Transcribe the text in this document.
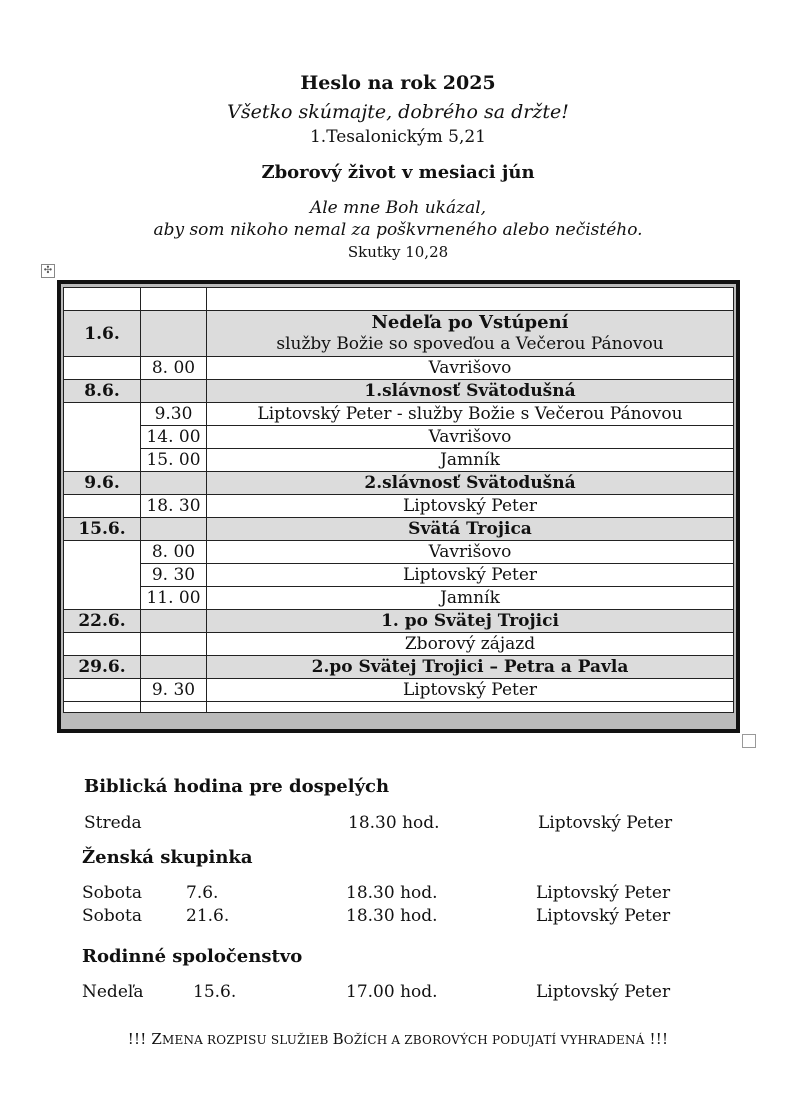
Heslo na rok 2025
Všetko skúmajte, dobrého sa držte!
1.Tesalonickým 5,21
Zborový život v mesiaci jún
Ale mne Boh ukázal,
aby som nikoho nemal za poškvrneného alebo nečistého.
Skutky 10,28
✣

1.6.		Nedeľa po Vstúpení
služby Božie so spoveďou a Večerou Pánovou

	8. 00	Vavrišovo
8.6.		1.slávnosť Svätodušná
	9.30	Liptovský Peter - služby Božie s Večerou Pánovou
	14. 00	Vavrišovo
	15. 00	Jamník
9.6.		2.slávnosť Svätodušná
	18. 30	Liptovský Peter
15.6.		Svätá Trojica
	8. 00	Vavrišovo
	9. 30	Liptovský Peter
	11. 00	Jamník
22.6.		1. po Svätej Trojici
		Zborový zájazd
29.6.		2.po Svätej Trojici – Petra a Pavla
	9. 30	Liptovský Peter

Biblická hodina pre dospelých
Streda	18.30 hod.	Liptovský Peter
Ženská skupinka
Sobota	7.6.	18.30 hod.	Liptovský Peter
Sobota	21.6.	18.30 hod.	Liptovský Peter
Rodinné spoločenstvo
Nedeľa	15.6.	17.00 hod.	Liptovský Peter
!!! ZMENA ROZPISU SLUŽIEB BOŽÍCH A ZBOROVÝCH PODUJATÍ VYHRADENÁ !!!
